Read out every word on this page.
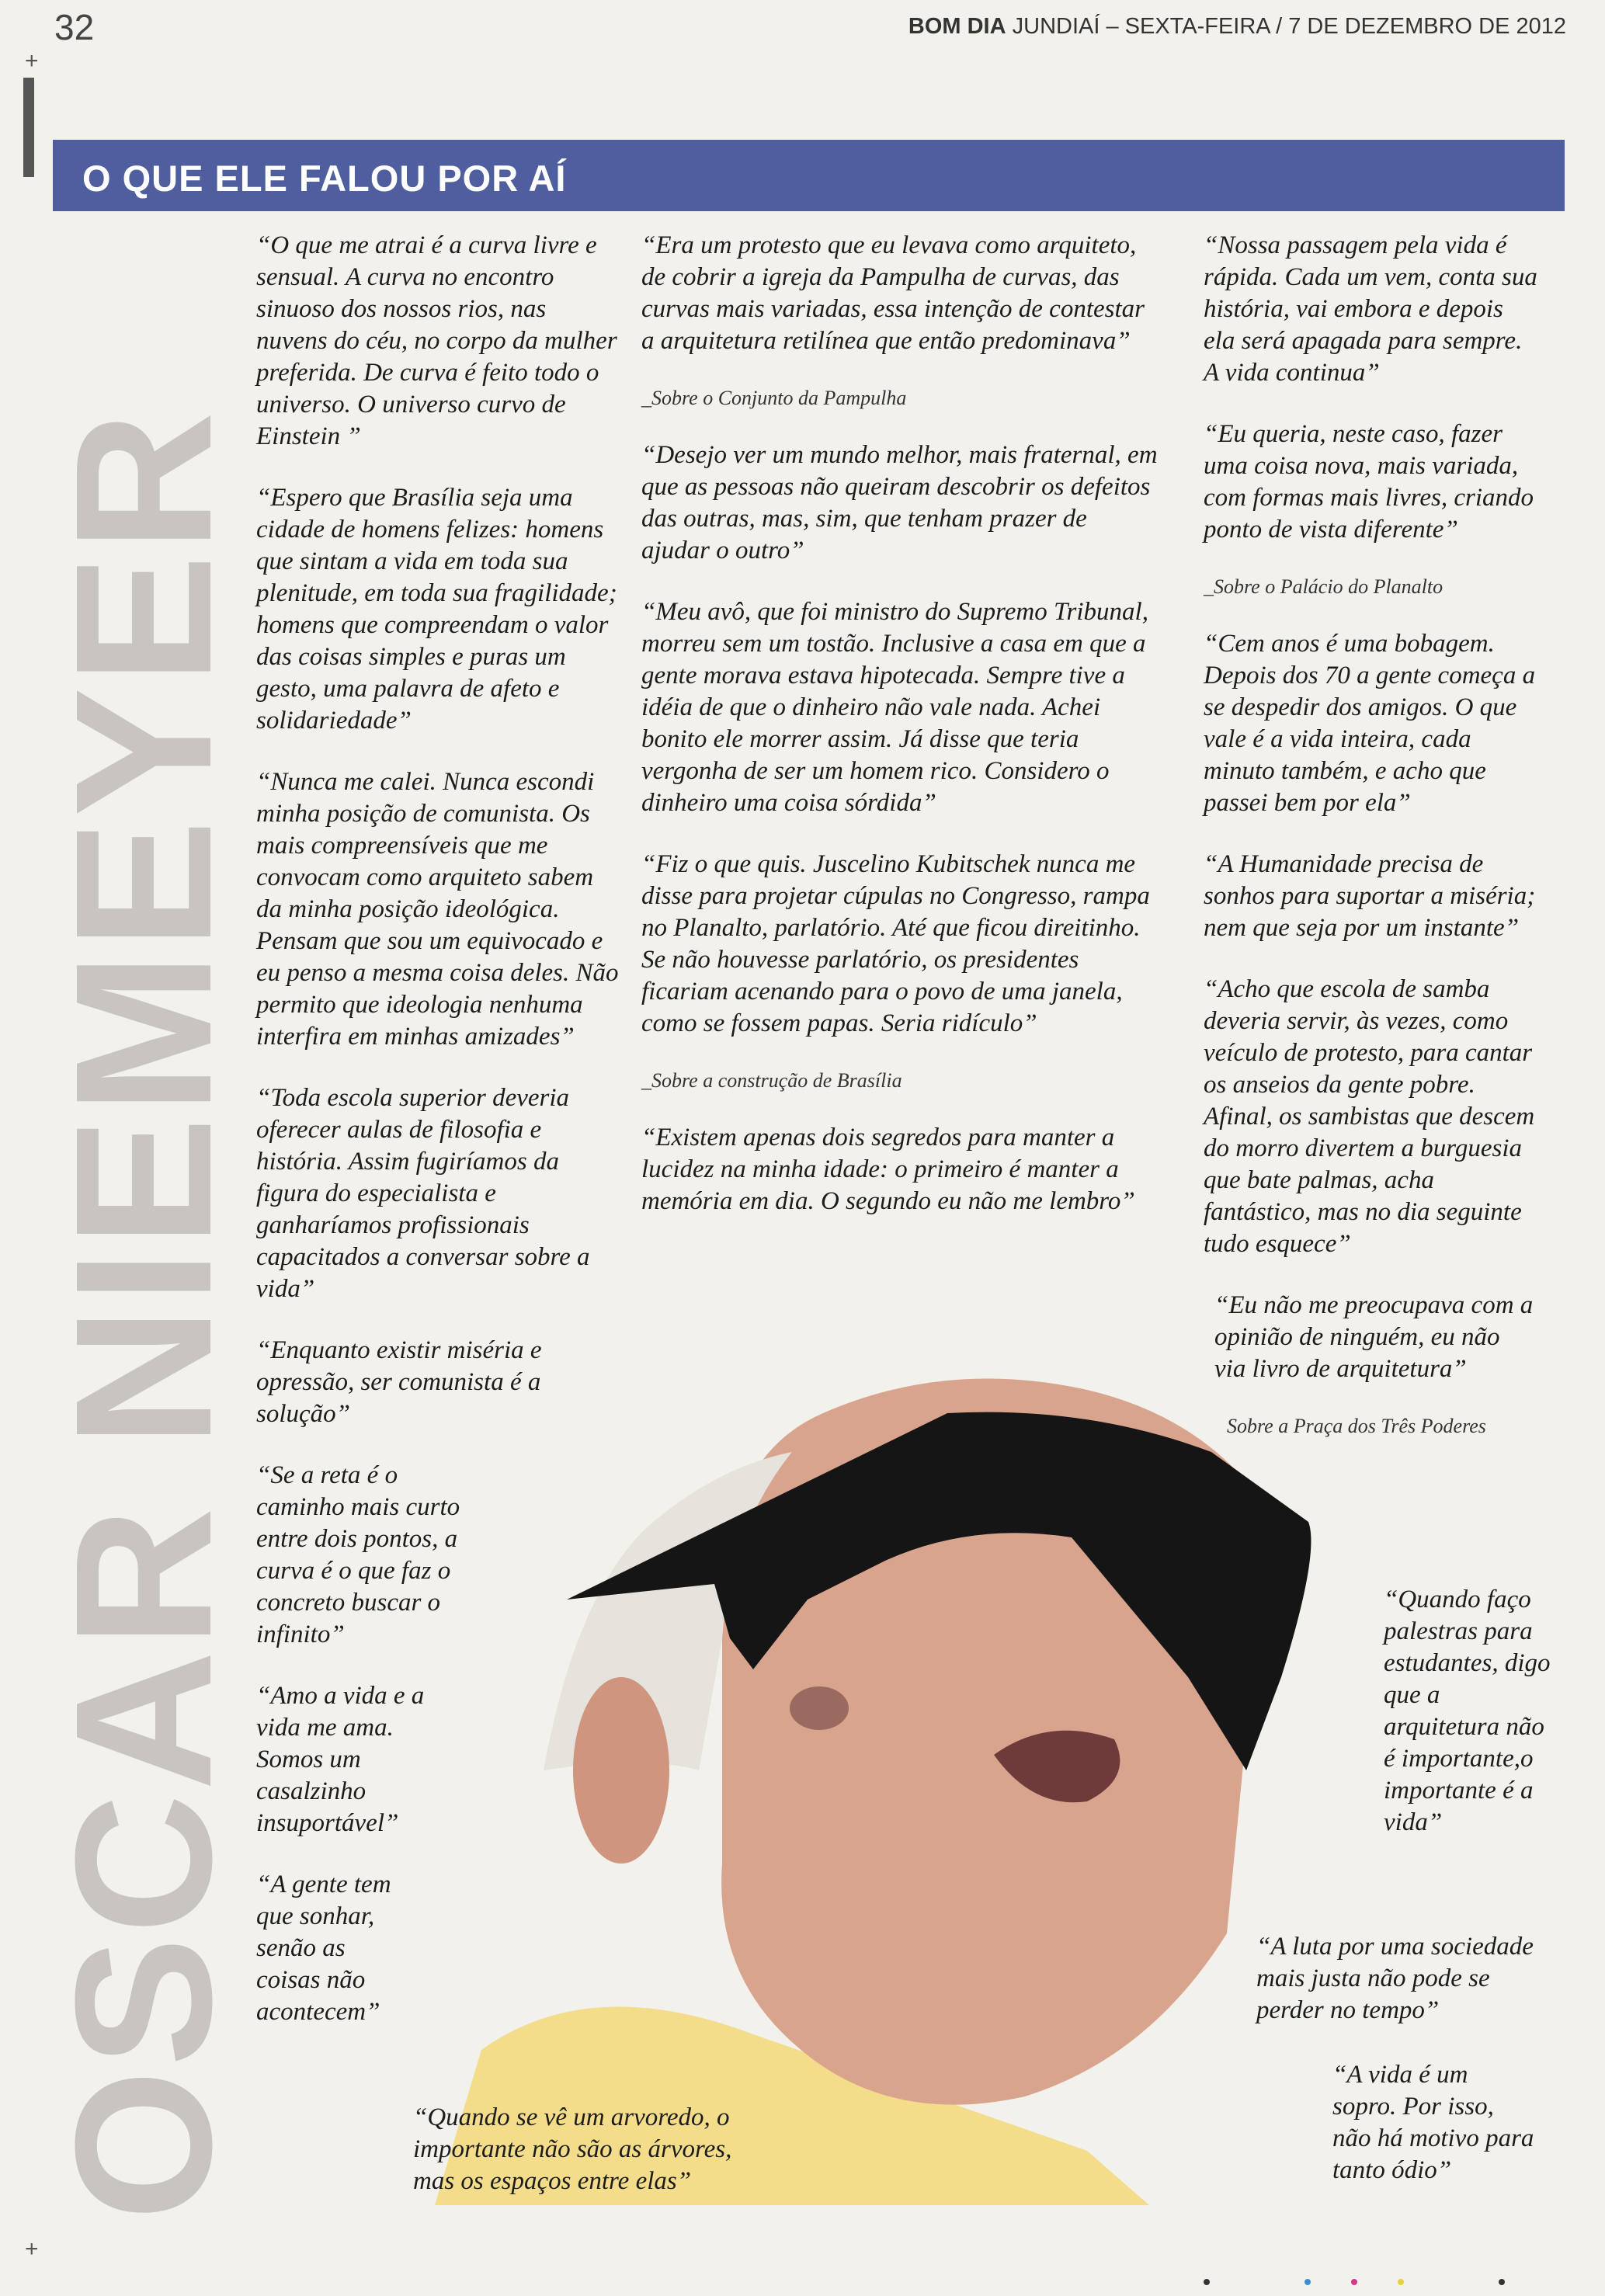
32	BOM DIA JUNDIAÍ – SEXTA-FEIRA / 7 DE DEZEMBRO DE 2012
+
+
O QUE ELE FALOU POR AÍ
OSCAR NIEMEYER

“O que me atrai é a curva livre e sensual. A curva no encontro sinuoso dos nossos rios, nas nuvens do céu, no corpo da mulher preferida. De curva é feito todo o universo. O universo curvo de Einstein ”

“Espero que Brasília seja uma cidade de homens felizes: homens que sintam a vida em toda sua plenitude, em toda sua fragilidade; homens que compreendam o valor das coisas simples e puras um gesto, uma palavra de afeto e solidariedade”

“Nunca me calei. Nunca escondi minha posição de comunista. Os mais compreensíveis que me convocam como arquiteto sabem da minha posição ideológica. Pensam que sou um equivocado e eu penso a mesma coisa deles. Não permito que ideologia nenhuma interfira em minhas amizades”

“Toda escola superior deveria oferecer aulas de filosofia e história. Assim fugiríamos da figura do especialista e ganharíamos profissionais capacitados a conversar sobre a vida”

“Enquanto existir miséria e opressão, ser comunista é a solução”

“Se a reta é o caminho mais curto entre dois pontos, a curva é o que faz o concreto buscar o infinito”

“Amo a vida e a vida me ama. Somos um casalzinho insuportável”

“A gente tem que sonhar, senão as coisas não acontecem”

“Era um protesto que eu levava como arquiteto, de cobrir a igreja da Pampulha de curvas, das curvas mais variadas, essa intenção de contestar a arquitetura retilínea que então predominava”

_Sobre o Conjunto da Pampulha

“Desejo ver um mundo melhor, mais fraternal, em que as pessoas não queiram descobrir os defeitos das outras, mas, sim, que tenham prazer de ajudar o outro”

“Meu avô, que foi ministro do Supremo Tribunal, morreu sem um tostão. Inclusive a casa em que a gente morava estava hipotecada. Sempre tive a idéia de que o dinheiro não vale nada. Achei bonito ele morrer assim. Já disse que teria vergonha de ser um homem rico. Considero o dinheiro uma coisa sórdida”

“Fiz o que quis. Juscelino Kubitschek nunca me disse para projetar cúpulas no Congresso, rampa no Planalto, parlatório. Até que ficou direitinho. Se não houvesse parlatório, os presidentes ficariam acenando para o povo de uma janela, como se fossem papas. Seria ridículo”

_Sobre a construção de Brasília

“Existem apenas dois segredos para manter a lucidez na minha idade: o primeiro é manter a memória em dia. O segundo eu não me lembro”

“Nossa passagem pela vida é rápida. Cada um vem, conta sua história, vai embora e depois ela será apagada para sempre. A vida continua”

“Eu queria, neste caso, fazer uma coisa nova, mais variada, com formas mais livres, criando ponto de vista diferente”

_Sobre o Palácio do Planalto

“Cem anos é uma bobagem. Depois dos 70 a gente começa a se despedir dos amigos. O que vale é a vida inteira, cada minuto também, e acho que passei bem por ela”

“A Humanidade precisa de sonhos para suportar a miséria; nem que seja por um instante”

“Acho que escola de samba deveria servir, às vezes, como veículo de protesto, para cantar os anseios da gente pobre. Afinal, os sambistas que descem do morro divertem a burguesia que bate palmas, acha fantástico, mas no dia seguinte tudo esquece”

“Eu não me preocupava com a opinião de ninguém, eu não via livro de arquitetura”

Sobre a Praça dos Três Poderes

“Quando faço palestras para estudantes, digo que a arquitetura não é importante,o importante é a vida”

“A luta por uma sociedade mais justa não pode se perder no tempo”

“A vida é um sopro. Por isso, não há motivo para tanto ódio”

“Quando se vê um arvoredo, o importante não são as árvores, mas os espaços entre elas”
